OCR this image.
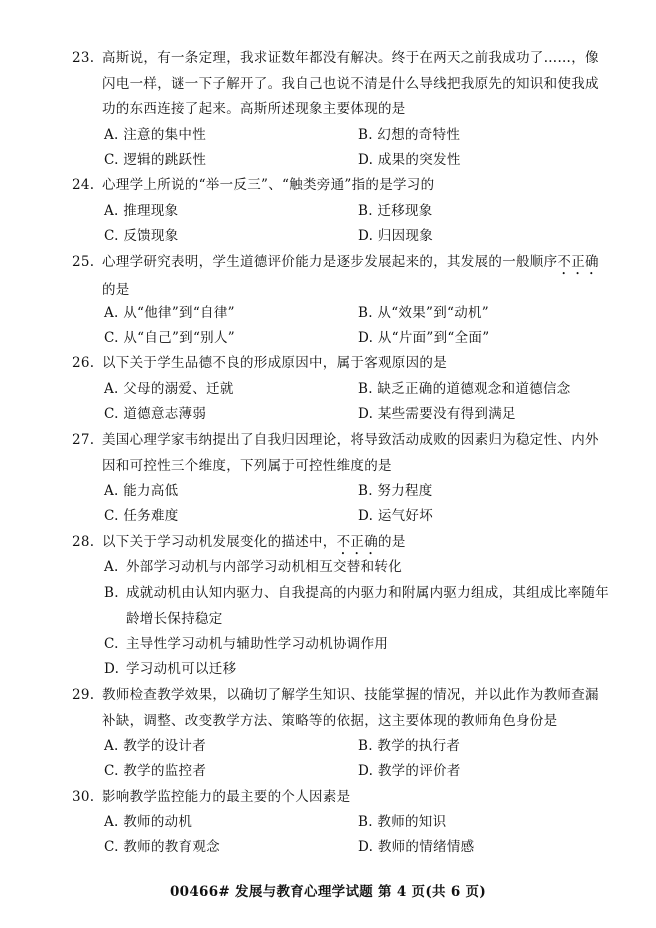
23. 高斯说，有一条定理，我求证数年都没有解决。终于在两天之前我成功了……，像闪电一样，谜一下子解开了。我自己也说不清是什么导线把我原先的知识和使我成功的东西连接了起来。高斯所述现象主要体现的是
A. 注意的集中性	B. 幻想的奇特性
C. 逻辑的跳跃性	D. 成果的突发性
24. 心理学上所说的“举一反三”、“触类旁通”指的是学习的
A. 推理现象	B. 迁移现象
C. 反馈现象	D. 归因现象
25. 心理学研究表明，学生道德评价能力是逐步发展起来的，其发展的一般顺序不正确的是
A. 从“他律”到“自律”	B. 从“效果”到“动机”
C. 从“自己”到“别人”	D. 从“片面”到“全面”
26. 以下关于学生品德不良的形成原因中，属于客观原因的是
A. 父母的溺爱、迁就	B. 缺乏正确的道德观念和道德信念
C. 道德意志薄弱	D. 某些需要没有得到满足
27. 美国心理学家韦纳提出了自我归因理论，将导致活动成败的因素归为稳定性、内外因和可控性三个维度，下列属于可控性维度的是
A. 能力高低	B. 努力程度
C. 任务难度	D. 运气好坏
28. 以下关于学习动机发展变化的描述中，不正确的是
A. 外部学习动机与内部学习动机相互交替和转化
B. 成就动机由认知内驱力、自我提高的内驱力和附属内驱力组成，其组成比率随年龄增长保持稳定
C. 主导性学习动机与辅助性学习动机协调作用
D. 学习动机可以迁移
29. 教师检查教学效果，以确切了解学生知识、技能掌握的情况，并以此作为教师查漏补缺，调整、改变教学方法、策略等的依据，这主要体现的教师角色身份是
A. 教学的设计者	B. 教学的执行者
C. 教学的监控者	D. 教学的评价者
30. 影响教学监控能力的最主要的个人因素是
A. 教师的动机	B. 教师的知识
C. 教师的教育观念	D. 教师的情绪情感
00466# 发展与教育心理学试题 第 4 页(共 6 页)
